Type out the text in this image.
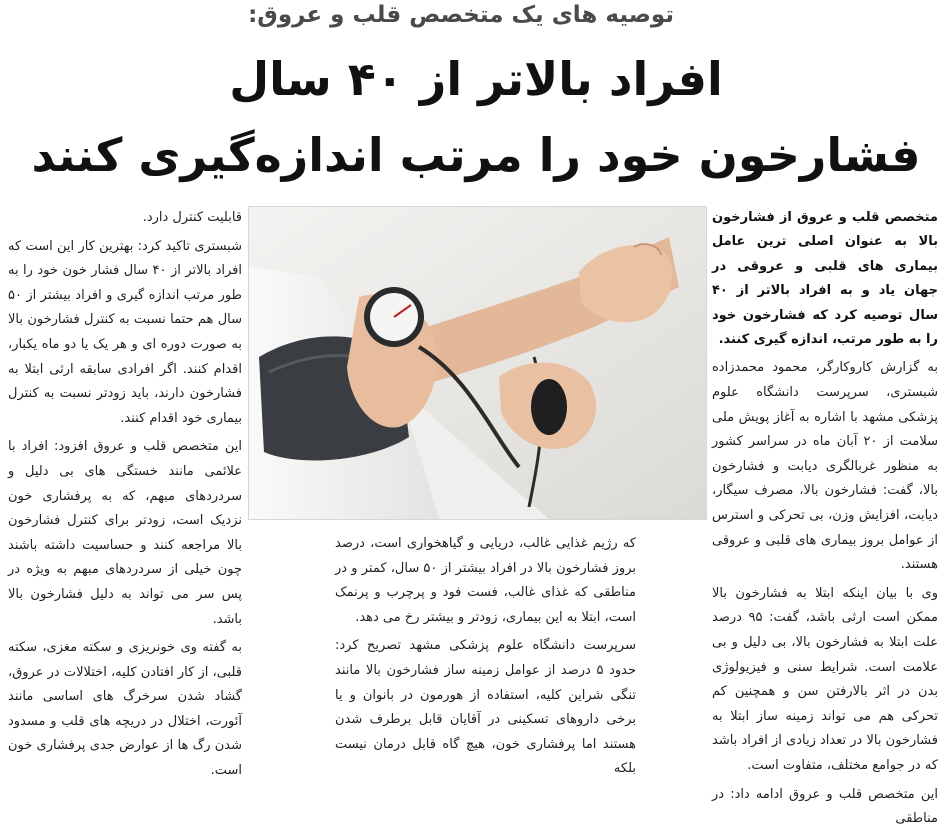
توصیه های یک متخصص قلب و عروق:
افراد بالاتر از ۴۰ سال
فشارخون خود را مرتب اندازه‌گیری کنند

متخصص قلب و عروق از فشارخون بالا به عنوان اصلی ترین عامل بیماری های قلبی و عروقی در جهان یاد و به افراد بالاتر از ۴۰ سال توصیه کرد که فشارخون خود را به طور مرتب، اندازه گیری کنند.

به گزارش کاروکارگر، محمود محمدزاده شبستری، سرپرست دانشگاه علوم پزشکی مشهد با اشاره به آغاز پویش ملی سلامت از ۲۰ آبان ماه در سراسر کشور به منظور غربالگری دیابت و فشارخون بالا، گفت: فشارخون بالا، مصرف سیگار، دیابت، افزایش وزن، بی تحرکی و استرس از عوامل بروز بیماری های قلبی و عروقی هستند.

وی با بیان اینکه ابتلا به فشارخون بالا ممکن است ارثی باشد، گفت: ۹۵ درصد علت ابتلا به فشارخون بالا، بی دلیل و بی علامت است. شرایط سنی و فیزیولوژی بدن در اثر بالارفتن سن و همچنین کم تحرکی هم می تواند زمینه ساز ابتلا به فشارخون بالا در تعداد زیادی از افراد باشد که در جوامع مختلف، متفاوت است.

این متخصص قلب و عروق ادامه داد: در مناطقی

که رژیم غذایی غالب، دریایی و گیاهخواری است، درصد بروز فشارخون بالا در افراد بیشتر از ۵۰ سال، کمتر و در مناطقی که غذای غالب، فست فود و پرچرب و پرنمک است، ابتلا به این بیماری، زودتر و بیشتر رخ می دهد.

سرپرست دانشگاه علوم پزشکی مشهد تصریح کرد: حدود ۵ درصد از عوامل زمینه ساز فشارخون بالا مانند تنگی شراین کلیه، استفاده از هورمون در بانوان و یا برخی داروهای تسکینی در آقایان قابل برطرف شدن هستند اما پرفشاری خون، هیچ گاه قابل درمان نیست بلکه

قابلیت کنترل دارد.

شبستری تاکید کرد: بهترین کار این است که افراد بالاتر از ۴۰ سال فشار خون خود را به طور مرتب اندازه گیری و افراد بیشتر از ۵۰ سال هم حتما نسبت به کنترل فشارخون بالا به صورت دوره ای و هر یک یا دو ماه یکبار، اقدام کنند. اگر افرادی سابقه ارثی ابتلا به فشارخون دارند، باید زودتر نسبت به کنترل بیماری خود اقدام کنند.

این متخصص قلب و عروق افزود: افراد با علائمی مانند خستگی های بی دلیل و سردردهای مبهم، که به پرفشاری خون نزدیک است، زودتر برای کنترل فشارخون بالا مراجعه کنند و حساسیت داشته باشند چون خیلی از سردردهای مبهم به ویژه در پس سر می تواند به دلیل فشارخون بالا باشد.

به گفته وی خونریزی و سکته مغزی، سکته قلبی، از کار افتادن کلیه، اختلالات در عروق، گشاد شدن سرخرگ های اساسی مانند آئورت، اختلال در دریچه های قلب و مسدود شدن رگ ها از عوارض جدی پرفشاری خون است.
